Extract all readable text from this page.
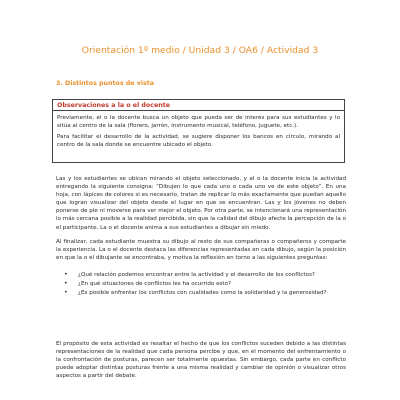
Orientación 1º medio / Unidad 3 / OA6 / Actividad 3
3. Distintos puntos de vista
Observaciones a la o el docente

Previamente, el o la docente busca un objeto que pueda ser de interés para sus estudiantes y lo sitúa al centro de la sala (florero, jarrón, instrumento musical, teléfono, juguete, etc.).

Para facilitar el desarrollo de la actividad, se sugiere disponer los bancos en círculo, mirando al centro de la sala donde se encuentre ubicado el objeto.

Las y los estudiantes se ubican mirando el objeto seleccionado, y el o la docente inicia la actividad entregando la siguiente consigna: “Dibujen lo que cada uno o cada uno ve de este objeto”. En una hoja, con lápices de colores si es necesario, tratan de replicar lo más exactamente que puedan aquello que logran visualizar del objeto desde el lugar en que se encuentran. Las y los jóvenes no deben ponerse de pie ni moverse para ver mejor el objeto. Por otra parte, se intencionará una representación lo más cercana posible a la realidad percibida, sin que la calidad del dibujo afecte la percepción de la o el participante. La o el docente anima a sus estudiantes a dibujar sin miedo.

Al finalizar, cada estudiante muestra su dibujo al resto de sus compañeras o compañeros y comparte la experiencia. La o el docente destaca las diferencias representadas en cada dibujo, según la posición en que la o el dibujante se encontraba, y motiva la reflexión en torno a las siguientes preguntas:

• ¿Qué relación podemos encontrar entre la actividad y el desarrollo de los conflictos?
• ¿En qué situaciones de conflictos les ha ocurrido esto?
• ¿Es posible enfrentar los conflictos con cualidades como la solidaridad y la generosidad?

El propósito de esta actividad es resaltar el hecho de que los conflictos suceden debido a las distintas representaciones de la realidad que cada persona percibe y que, en el momento del enfrentamiento o la confrontación de posturas, parecen ser totalmente opuestas. Sin embargo, cada parte en conflicto puede adoptar distintas posturas frente a una misma realidad y cambiar de opinión o visualizar otros aspectos a partir del debate.
